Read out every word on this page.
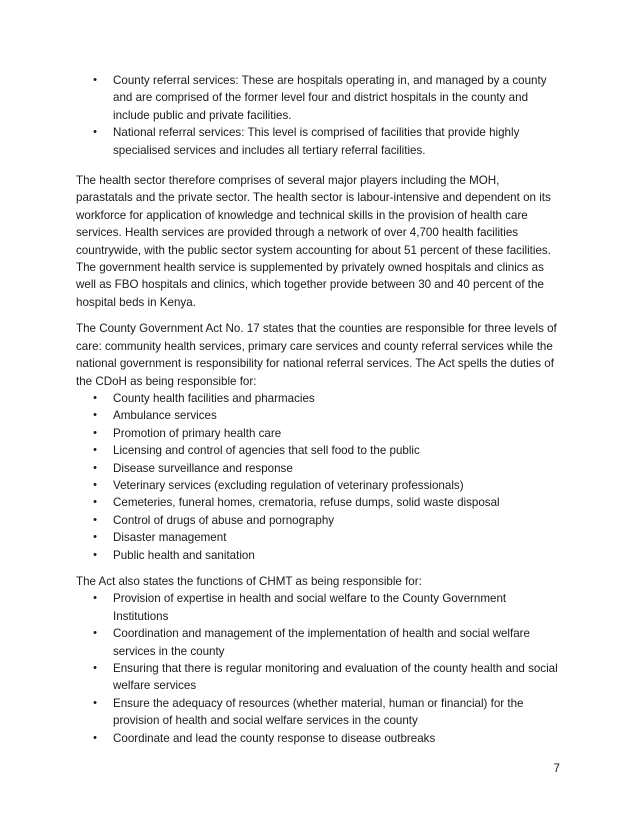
• County referral services: These are hospitals operating in, and managed by a county and are comprised of the former level four and district hospitals in the county and include public and private facilities.
• National referral services: This level is comprised of facilities that provide highly specialised services and includes all tertiary referral facilities.

The health sector therefore comprises of several major players including the MOH, parastatals and the private sector. The health sector is labour-intensive and dependent on its workforce for application of knowledge and technical skills in the provision of health care services. Health services are provided through a network of over 4,700 health facilities countrywide, with the public sector system accounting for about 51 percent of these facilities. The government health service is supplemented by privately owned hospitals and clinics as well as FBO hospitals and clinics, which together provide between 30 and 40 percent of the hospital beds in Kenya.

The County Government Act No. 17 states that the counties are responsible for three levels of care: community health services, primary care services and county referral services while the national government is responsibility for national referral services. The Act spells the duties of the CDoH as being responsible for:

• County health facilities and pharmacies
• Ambulance services
• Promotion of primary health care
• Licensing and control of agencies that sell food to the public
• Disease surveillance and response
• Veterinary services (excluding regulation of veterinary professionals)
• Cemeteries, funeral homes, crematoria, refuse dumps, solid waste disposal
• Control of drugs of abuse and pornography
• Disaster management
• Public health and sanitation

The Act also states the functions of CHMT as being responsible for:

• Provision of expertise in health and social welfare to the County Government Institutions
• Coordination and management of the implementation of health and social welfare services in the county
• Ensuring that there is regular monitoring and evaluation of the county health and social welfare services
• Ensure the adequacy of resources (whether material, human or financial) for the provision of health and social welfare services in the county
• Coordinate and lead the county response to disease outbreaks
7
